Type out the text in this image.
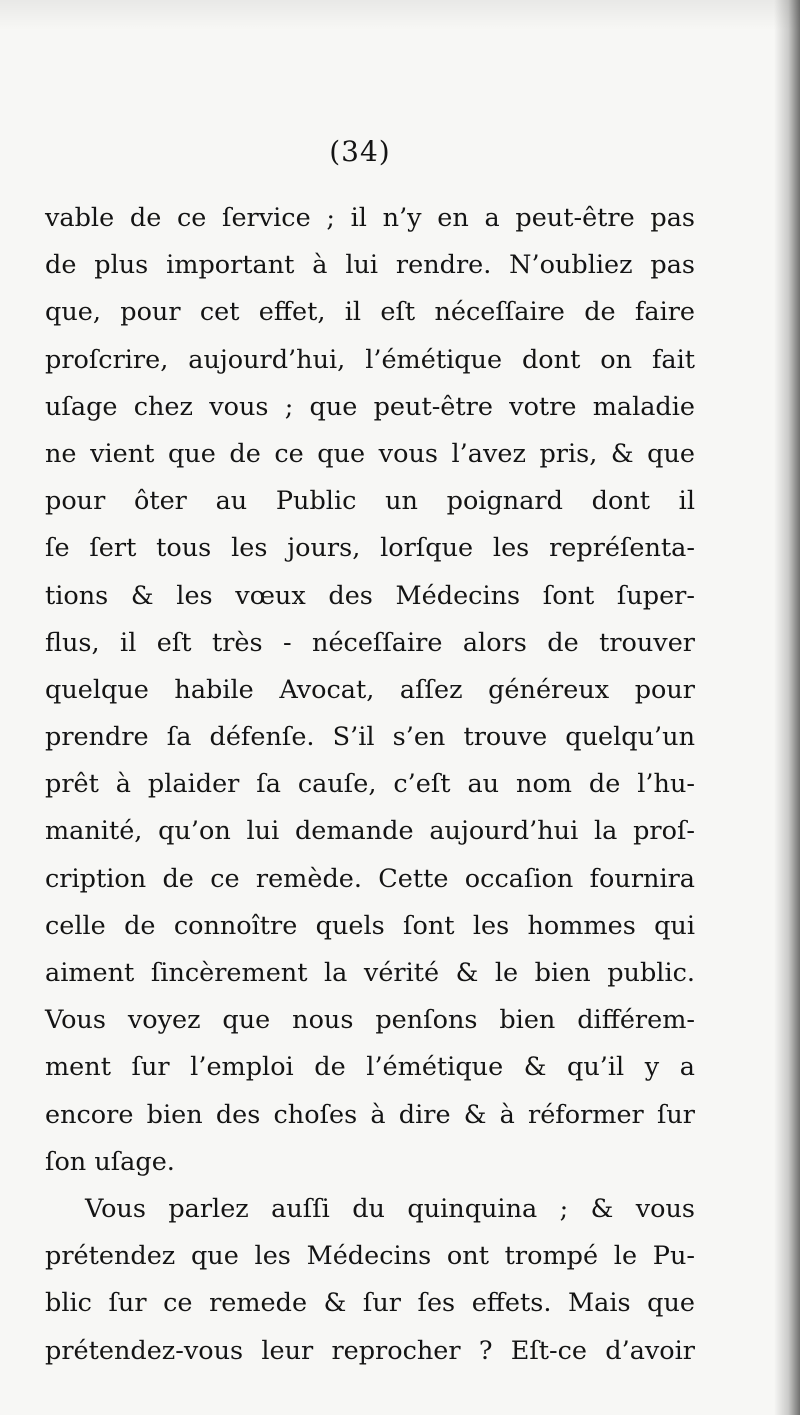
(34)
vable de ce ſervice ; il n’y en a peut-être pas
de plus important à lui rendre. N’oubliez pas
que, pour cet effet, il eſt néceſſaire de faire
proſcrire, aujourd’hui, l’émétique dont on fait
uſage chez vous ; que peut-être votre maladie
ne vient que de ce que vous l’avez pris, & que
pour ôter au Public un poignard dont il
ſe ſert tous les jours, lorſque les repréſenta-
tions & les vœux des Médecins ſont ſuper-
flus, il eſt très - néceſſaire alors de trouver
quelque habile Avocat, aſſez généreux pour
prendre ſa défenſe. S’il s’en trouve quelqu’un
prêt à plaider ſa cauſe, c’eſt au nom de l’hu-
manité, qu’on lui demande aujourd’hui la proſ-
cription de ce remède. Cette occaſion fournira
celle de connoître quels ſont les hommes qui
aiment ſincèrement la vérité & le bien public.
Vous voyez que nous penſons bien différem-
ment ſur l’emploi de l’émétique & qu’il y a
encore bien des choſes à dire & à réformer ſur
ſon uſage.
Vous parlez auſſi du quinquina ; & vous
prétendez que les Médecins ont trompé le Pu-
blic ſur ce remede & ſur ſes effets. Mais que
prétendez-vous leur reprocher ? Eſt-ce d’avoir
